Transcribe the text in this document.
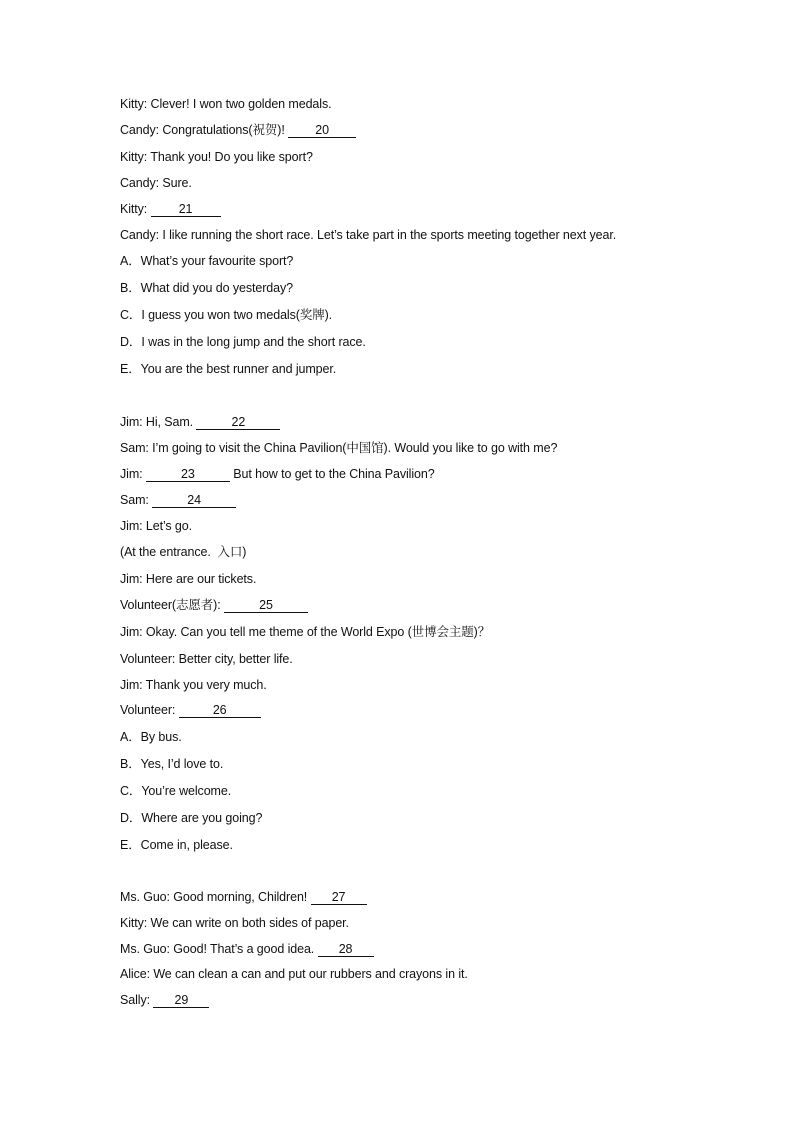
Kitty: Clever! I won two golden medals.
Candy: Congratulations(祝贺)! 20
Kitty: Thank you! Do you like sport?
Candy: Sure.
Kitty: 21
Candy: I like running the short race. Let’s take part in the sports meeting together next year.
A．What’s your favourite sport?
B．What did you do yesterday?
C．I guess you won two medals(奖牌).
D．I was in the long jump and the short race.
E．You are the best runner and jumper.
Jim: Hi, Sam.	22
Sam: I’m going to visit the China Pavilion(中国馆). Would you like to go with me?
Jim:	23	But how to get to the China Pavilion?
Sam:	24
Jim: Let’s go.
(At the entrance.  入口)
Jim: Here are our tickets.
Volunteer(志愿者):	25
Jim: Okay. Can you tell me theme of the World Expo (世博会主题)？
Volunteer: Better city, better life.
Jim: Thank you very much.
Volunteer:	26
A．By bus.
B．Yes, I’d love to.
C．You’re welcome.
D．Where are you going?
E．Come in, please.
Ms. Guo: Good morning, Children! 27
Kitty: We can write on both sides of paper.
Ms. Guo: Good! That’s a good idea. 28
Alice: We can clean a can and put our rubbers and crayons in it.
Sally: 29
